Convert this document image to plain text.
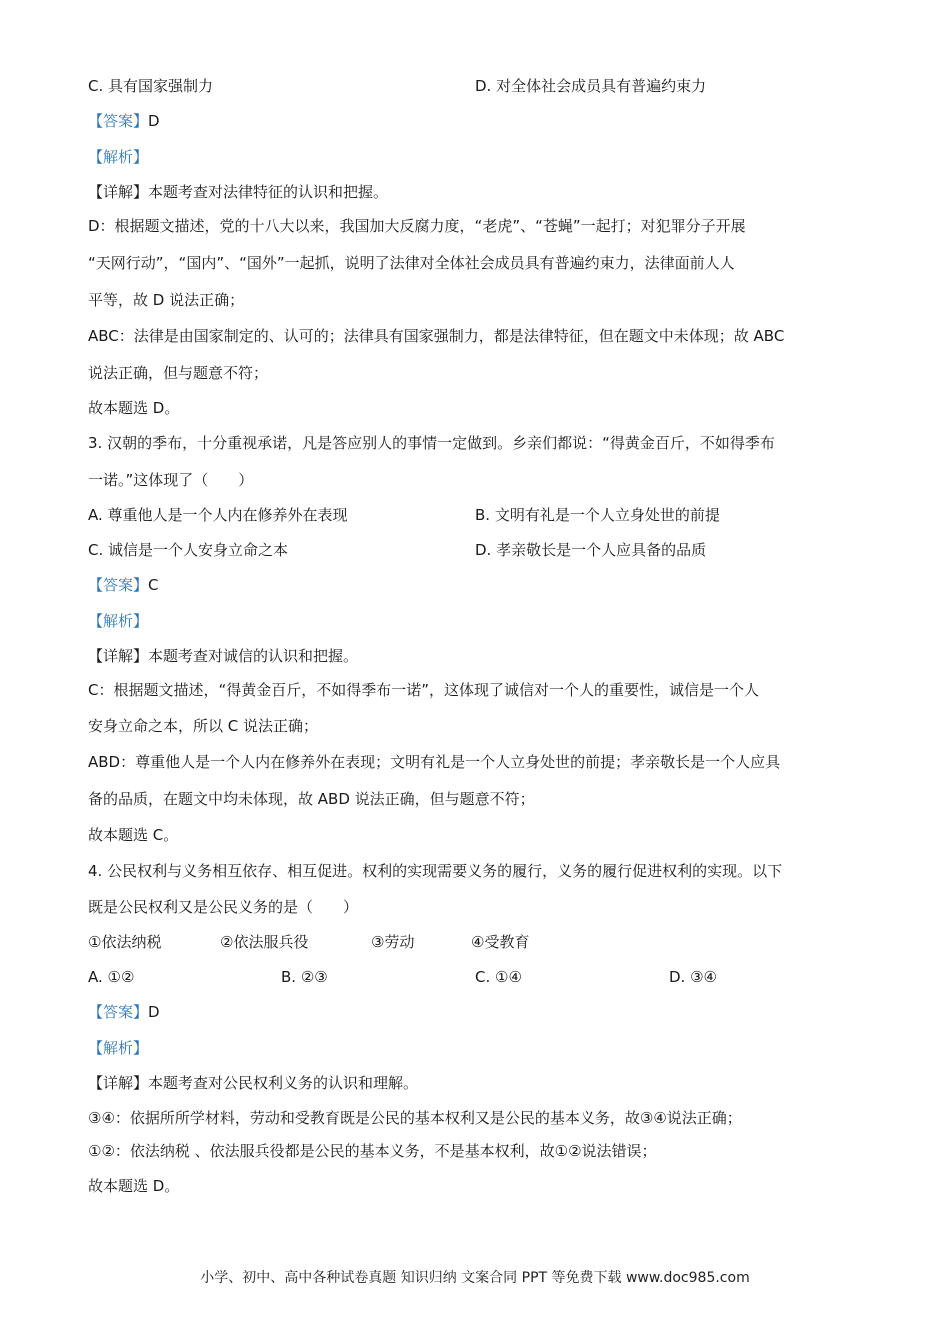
C. 具有国家强制力	D. 对全体社会成员具有普遍约束力
【答案】D
【解析】
【详解】本题考查对法律特征的认识和把握。
D：根据题文描述，党的十八大以来，我国加大反腐力度，“老虎”、“苍蝇”一起打；对犯罪分子开展
“天网行动”，“国内”、“国外”一起抓，说明了法律对全体社会成员具有普遍约束力，法律面前人人
平等，故 D 说法正确；
ABC：法律是由国家制定的、认可的；法律具有国家强制力，都是法律特征，但在题文中未体现；故 ABC
说法正确，但与题意不符；
故本题选 D。
3. 汉朝的季布，十分重视承诺，凡是答应别人的事情一定做到。乡亲们都说：“得黄金百斤，不如得季布
一诺。”这体现了（　　）
A. 尊重他人是一个人内在修养外在表现	B. 文明有礼是一个人立身处世的前提
C. 诚信是一个人安身立命之本	D. 孝亲敬长是一个人应具备的品质
【答案】C
【解析】
【详解】本题考查对诚信的认识和把握。
C：根据题文描述，“得黄金百斤，不如得季布一诺”，这体现了诚信对一个人的重要性，诚信是一个人
安身立命之本，所以 C 说法正确；
ABD：尊重他人是一个人内在修养外在表现；文明有礼是一个人立身处世的前提；孝亲敬长是一个人应具
备的品质，在题文中均未体现，故 ABD 说法正确，但与题意不符；
故本题选 C。
4. 公民权利与义务相互依存、相互促进。权利的实现需要义务的履行，义务的履行促进权利的实现。以下
既是公民权利又是公民义务的是（　　）
①依法纳税	②依法服兵役	③劳动	④受教育
A. ①②	B. ②③	C. ①④	D. ③④
【答案】D
【解析】
【详解】本题考查对公民权利义务的认识和理解。
③④：依据所所学材料，劳动和受教育既是公民的基本权利又是公民的基本义务，故③④说法正确；
①②：依法纳税 、依法服兵役都是公民的基本义务，不是基本权利，故①②说法错误；
故本题选 D。
小学、初中、高中各种试卷真题 知识归纳 文案合同 PPT 等免费下载 www.doc985.com
